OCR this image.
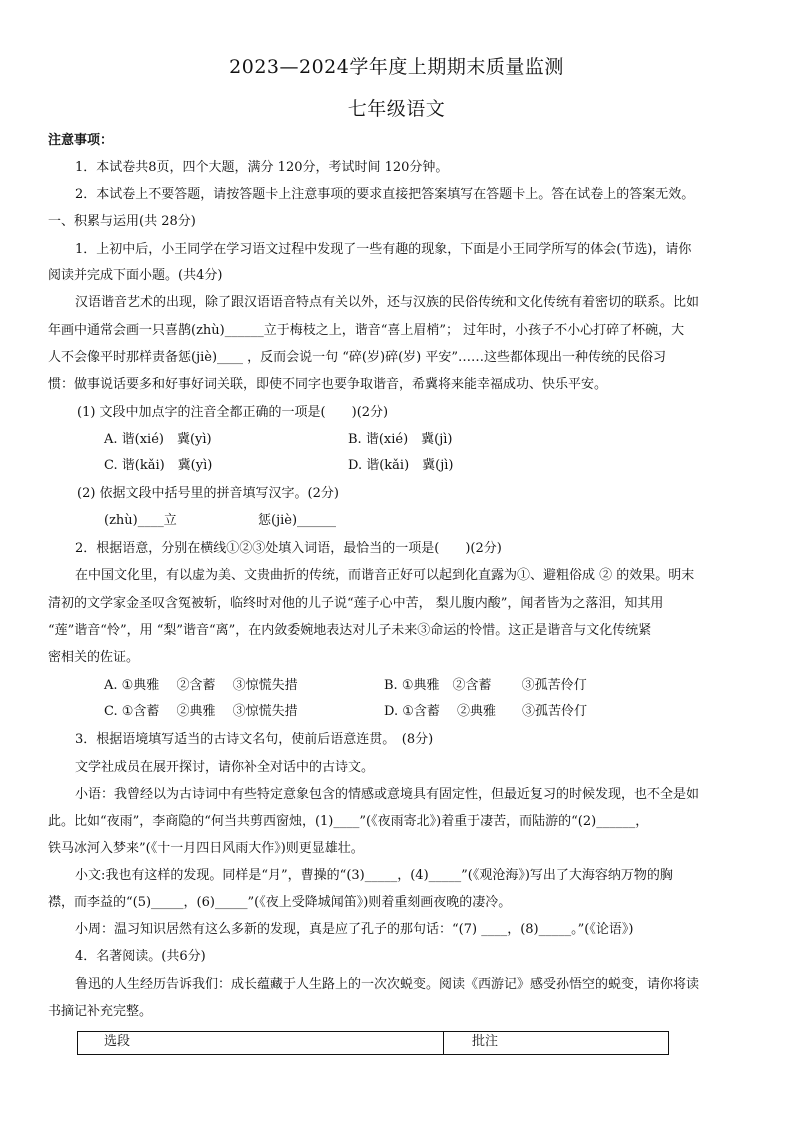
2023—2024学年度上期期末质量监测
七年级语文
注意事项：
1．本试卷共8页，四个大题，满分 120分，考试时间 120分钟。
2．本试卷上不要答题，请按答题卡上注意事项的要求直接把答案填写在答题卡上。答在试卷上的答案无效。
一、积累与运用(共 28分)
1．上初中后，小王同学在学习语文过程中发现了一些有趣的现象，下面是小王同学所写的体会(节选)，请你
阅读并完成下面小题。(共4分)
汉语谐音艺术的出现，除了跟汉语语音特点有关以外，还与汉族的民俗传统和文化传统有着密切的联系。比如
年画中通常会画一只喜鹊(zhù)______立于梅枝之上，谐音“喜上眉梢”； 过年时，小孩子不小心打碎了杯碗，大
人不会像平时那样责备惩(jiè)____ ，反而会说一句 “碎(岁)碎(岁) 平安”……这些都体现出一种传统的民俗习
惯：做事说话要多和好事好词关联，即使不同字也要争取谐音，希冀将来能幸福成功、快乐平安。
(1) 文段中加点字的注音全都正确的一项是(　　)(2分)
A. 谐(xié)　冀(yì)	B. 谐(xié)　冀(jì)
C. 谐(kǎi)　冀(yì)	D. 谐(kǎi)　冀(jì)
(2) 依据文段中括号里的拼音填写汉字。(2分)
(zhù)____立	惩(jiè)______
2．根据语意，分别在横线①②③处填入词语，最恰当的一项是(　　)(2分)
在中国文化里，有以虚为美、文贵曲折的传统，而谐音正好可以起到化直露为①、避粗俗成 ② 的效果。明末
清初的文学家金圣叹含冤被斩，临终时对他的儿子说“莲子心中苦， 梨儿腹内酸”，闻者皆为之落泪，知其用
“莲”谐音“怜”，用 “梨”谐音“离”，在内敛委婉地表达对儿子未来③命运的怜惜。这正是谐音与文化传统紧
密相关的佐证。
A. ①典雅　 ②含蓄　 ③惊慌失措	B. ①典雅　②含蓄　　 ③孤苦伶仃
C. ①含蓄　 ②典雅　 ③惊慌失措	D. ①含蓄　 ②典雅　　③孤苦伶仃
3．根据语境填写适当的古诗文名句，使前后语意连贯。　(8分)
文学社成员在展开探讨，请你补全对话中的古诗文。
小语：我曾经以为古诗词中有些特定意象包含的情感或意境具有固定性，但最近复习的时候发现，也不全是如
此。比如“夜雨”，李商隐的“何当共剪西窗烛，(1)____”(《夜雨寄北》)着重于凄苦，而陆游的“(2)______，
铁马冰河入梦来”(《十一月四日风雨大作》)则更显雄壮。
小文:我也有这样的发现。同样是“月”，曹操的“(3)_____，(4)_____”(《观沧海》)写出了大海容纳万物的胸
襟，而李益的“(5)_____，(6)_____”(《夜上受降城闻笛》)则着重刻画夜晚的凄冷。
小周：温习知识居然有这么多新的发现，真是应了孔子的那句话：“(7) ____，(8)_____。”(《论语》)
4．名著阅读。(共6分)
鲁迅的人生经历告诉我们：成长蕴藏于人生路上的一次次蜕变。阅读《西游记》感受孙悟空的蜕变，请你将读
书摘记补充完整。
选段	批注
